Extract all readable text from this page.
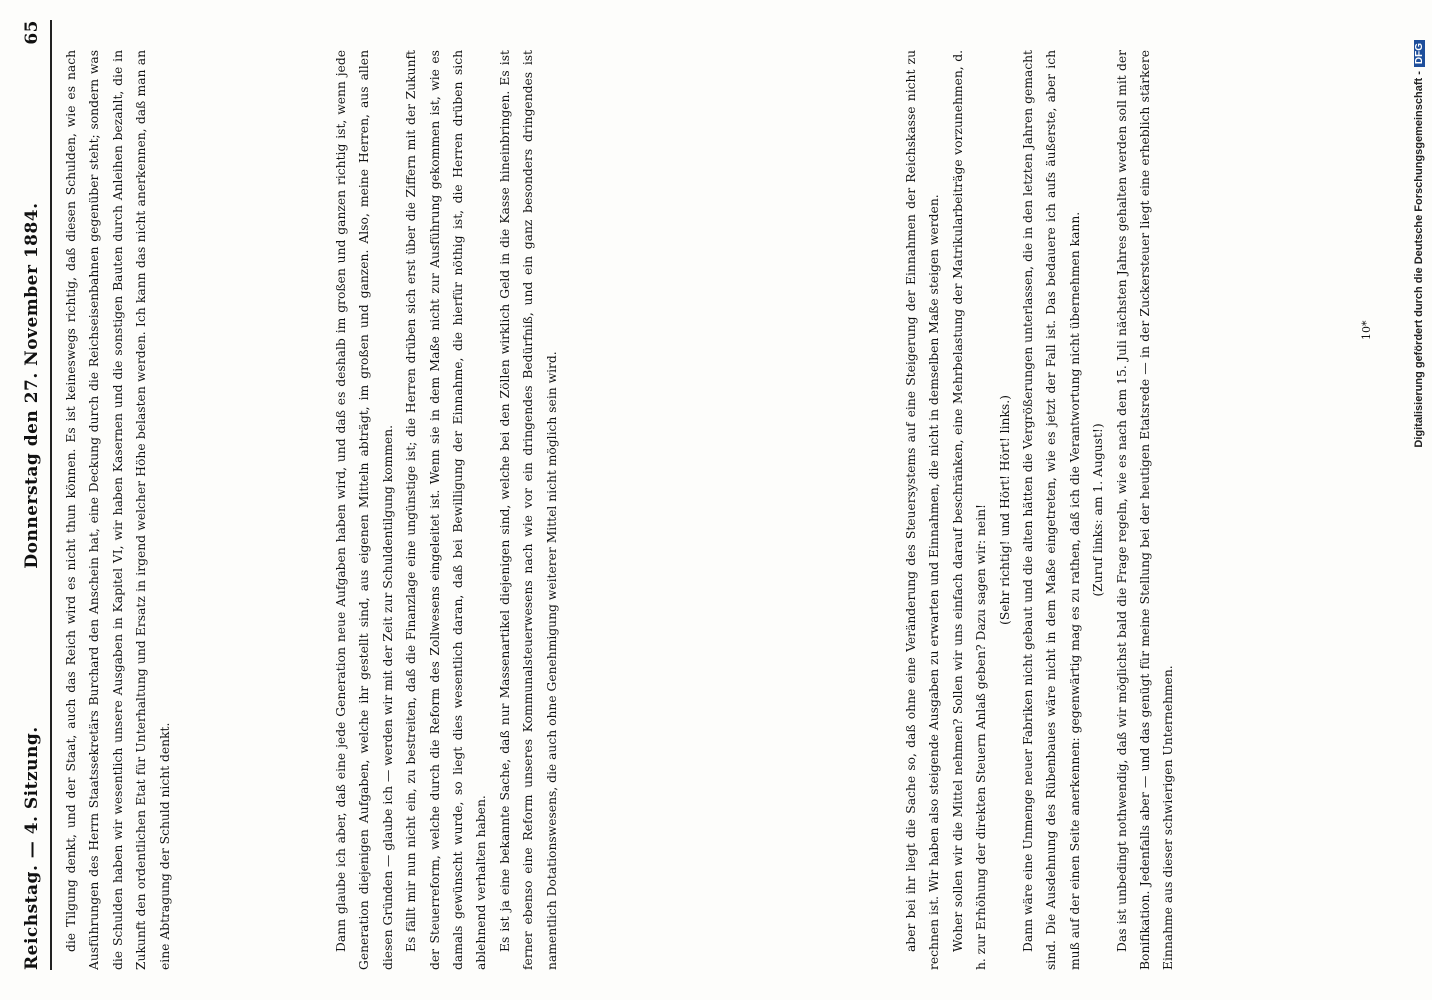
Reichstag. — 4. Sitzung.
Donnerstag den 27. November 1884.
65

die Tilgung denkt, und der Staat, auch das Reich wird es nicht thun können. Es ist keineswegs richtig, daß diesen Schulden, wie es nach Ausführungen des Herrn Staatssekretärs Burchard den Anschein hat, eine Deckung durch die Reichseisenbahnen gegenüber steht; sondern was die Schulden haben wir wesentlich unsere Ausgaben in Kapitel VI, wir haben Kasernen und die sonstigen Bauten durch Anleihen bezahlt, die in Zukunft den ordentlichen Etat für Unterhaltung und Ersatz in irgend welcher Höhe belasten werden. Ich kann das nicht anerkennen, daß man an eine Abtragung der Schuld nicht denkt.	Dann glaube ich aber, daß eine jede Generation neue Aufgaben haben wird, und daß es deshalb im großen und ganzen richtig ist, wenn jede Generation diejenigen Aufgaben, welche ihr gestellt sind, aus eigenen Mitteln abträgt, im großen und ganzen. Also, meine Herren, aus allen diesen Gründen — glaube ich — werden wir mit der Zeit zur Schuldentilgung kommen. Es fällt mir nun nicht ein, zu bestreiten, daß die Finanzlage eine ungünstige ist; die Herren drüben sich erst über die Ziffern mit der Zukunft der Steuerreform, welche durch die Reform des Zollwesens eingeleitet ist. Wenn sie in dem Maße nicht zur Ausführung gekommen ist, wie es damals gewünscht wurde, so liegt dies wesentlich daran, daß bei Bewilligung der Einnahme, die hierfür nöthig ist, die Herren drüben sich ablehnend verhalten haben. Es ist ja eine bekannte Sache, daß nur Massenartikel diejenigen sind, welche bei den Zöllen wirklich Geld in die Kasse hineinbringen. Es ist ferner ebenso eine Reform unseres Kommunalsteuerwesens nach wie vor ein dringendes Bedürfniß, und ein ganz besonders dringendes ist namentlich Dotationswesens, die auch ohne Genehmigung weiterer Mittel nicht möglich sein wird.	aber bei ihr liegt die Sache so, daß ohne eine Veränderung des Steuersystems auf eine Steigerung der Einnahmen der Reichskasse nicht zu rechnen ist. Wir haben also steigende Ausgaben zu erwarten und Einnahmen, die nicht in demselben Maße steigen werden. Woher sollen wir die Mittel nehmen? Sollen wir uns einfach darauf beschränken, eine Mehrbelastung der Matrikularbeiträge vorzunehmen, d. h. zur Erhöhung der direkten Steuern Anlaß geben? Dazu sagen wir: nein! (Sehr richtig! und Hört! Hört! links.) Dann wäre eine Unmenge neuer Fabriken nicht gebaut und die alten hätten die Vergrößerungen unterlassen, die in den letzten Jahren gemacht sind. Die Ausdehnung des Rübenbaues wäre nicht in dem Maße eingetreten, wie es jetzt der Fall ist. Das bedauere ich aufs äußerste, aber ich muß auf der einen Seite anerkennen: gegenwärtig mag es zu rathen, daß ich die Verantwortung nicht übernehmen kann. (Zuruf links: am 1. August!) Das ist unbedingt nothwendig, daß wir möglichst bald die Frage regeln, wie es nach dem 15. Juli nächsten Jahres gehalten werden soll mit der Bonifikation. Jedenfalls aber — und das genügt für meine Stellung bei der heutigen Etatsrede — in der Zuckersteuer liegt eine erheblich stärkere Einnahme aus dieser schwierigen Unternehmen.

10*	Digitalisierung gefördert durch die Deutsche Forschungsgemeinschaft -
DFG
